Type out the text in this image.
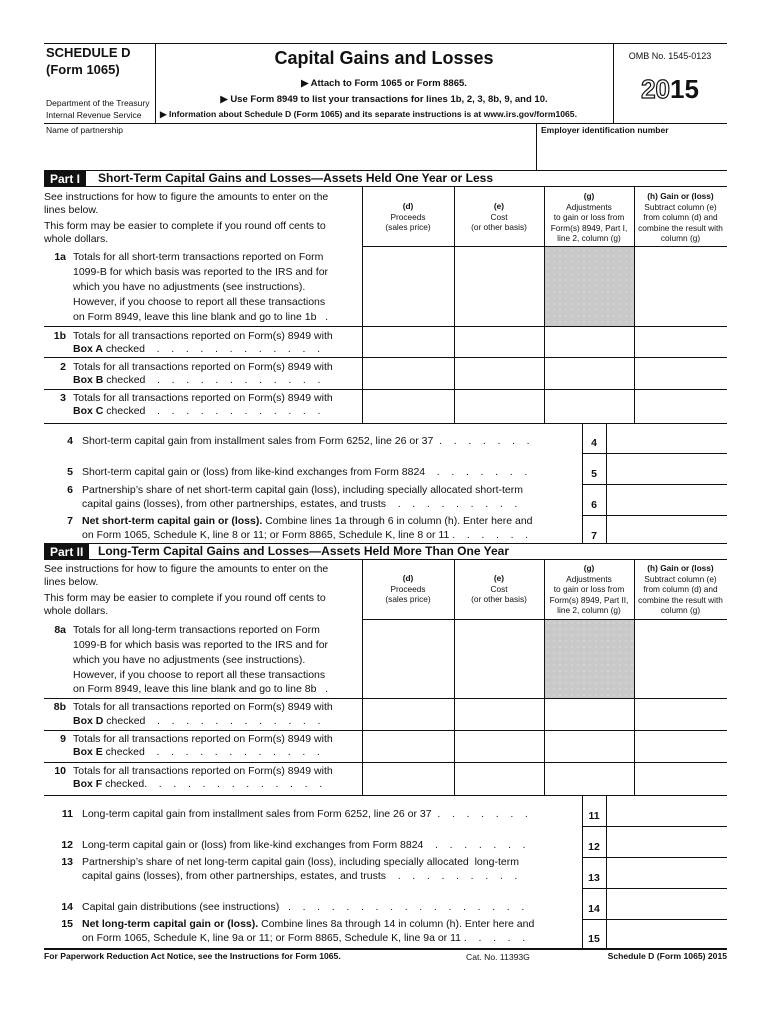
SCHEDULE D
(Form 1065)
Department of the Treasury
Internal Revenue Service
Capital Gains and Losses
▶ Attach to Form 1065 or Form 8865.
▶ Use Form 8949 to list your transactions for lines 1b, 2, 3, 8b, 9, and 10.
▶ Information about Schedule D (Form 1065) and its separate instructions is at www.irs.gov/form1065.
OMB No. 1545-0123
2015
Name of partnership	Employer identification number
Part I	Short-Term Capital Gains and Losses—Assets Held One Year or Less
See instructions for how to figure the amounts to enter on the
lines below.
This form may be easier to complete if you round off cents to
whole dollars.
(d)
Proceeds
(sales price)
(e)
Cost
(or other basis)
(g)
Adjustments
to gain or loss from
Form(s) 8949, Part I,
line 2, column (g)
(h) Gain or (loss)
Subtract column (e)
from column (d) and
combine the result with
column (g)
1a Totals for all short-term transactions reported on Form
1099-B for which basis was reported to the IRS and for
which you have no adjustments (see instructions).
However, if you choose to report all these transactions
on Form 8949, leave this line blank and go to line 1b   .
1b Totals for all transactions reported on Form(s) 8949 with
Box A checked    .    .    .    .    .    .    .    .    .    .    .    .
2 Totals for all transactions reported on Form(s) 8949 with
Box B checked    .    .    .    .    .    .    .    .    .    .    .    .
3 Totals for all transactions reported on Form(s) 8949 with
Box C checked    .    .    .    .    .    .    .    .    .    .    .    .
4 Short-term capital gain from installment sales from Form 6252, line 26 or 37  .    .    .    .    .    .    .	4
5 Short-term capital gain or (loss) from like-kind exchanges from Form 8824    .    .    .    .    .    .    .	5
6 Partnership’s share of net short-term capital gain (loss), including specially allocated short-term
capital gains (losses), from other partnerships, estates, and trusts    .    .    .    .    .    .    .    .    .	6
7 Net short-term capital gain or (loss). Combine lines 1a through 6 in column (h). Enter here and
on Form 1065, Schedule K, line 8 or 11; or Form 8865, Schedule K, line 8 or 11 .    .    .    .    .    .	7
Part II	Long-Term Capital Gains and Losses—Assets Held More Than One Year
See instructions for how to figure the amounts to enter on the
lines below.
This form may be easier to complete if you round off cents to
whole dollars.
(d)
Proceeds
(sales price)
(e)
Cost
(or other basis)
(g)
Adjustments
to gain or loss from
Form(s) 8949, Part II,
line 2, column (g)
(h) Gain or (loss)
Subtract column (e)
from column (d) and
combine the result with
column (g)
8a Totals for all long-term transactions reported on Form
1099-B for which basis was reported to the IRS and for
which you have no adjustments (see instructions).
However, if you choose to report all these transactions
on Form 8949, leave this line blank and go to line 8b   .
8b Totals for all transactions reported on Form(s) 8949 with
Box D checked    .    .    .    .    .    .    .    .    .    .    .    .
9 Totals for all transactions reported on Form(s) 8949 with
Box E checked    .    .    .    .    .    .    .    .    .    .    .    .
10 Totals for all transactions reported on Form(s) 8949 with
Box F checked.    .    .    .    .    .    .    .    .    .    .    .    .
11 Long-term capital gain from installment sales from Form 6252, line 26 or 37  .    .    .    .    .    .    .	11
12 Long-term capital gain or (loss) from like-kind exchanges from Form 8824    .    .    .    .    .    .    .	12
13 Partnership’s share of net long-term capital gain (loss), including specially allocated  long-term
capital gains (losses), from other partnerships, estates, and trusts    .    .    .    .    .    .    .    .    .	13
14 Capital gain distributions (see instructions)   .    .    .    .    .    .    .    .    .    .    .    .    .    .    .    .    .	14
15 Net long-term capital gain or (loss). Combine lines 8a through 14 in column (h). Enter here and
on Form 1065, Schedule K, line 9a or 11; or Form 8865, Schedule K, line 9a or 11 .    .    .    .    .	15
For Paperwork Reduction Act Notice, see the Instructions for Form 1065.	Cat. No. 11393G	Schedule D (Form 1065) 2015
